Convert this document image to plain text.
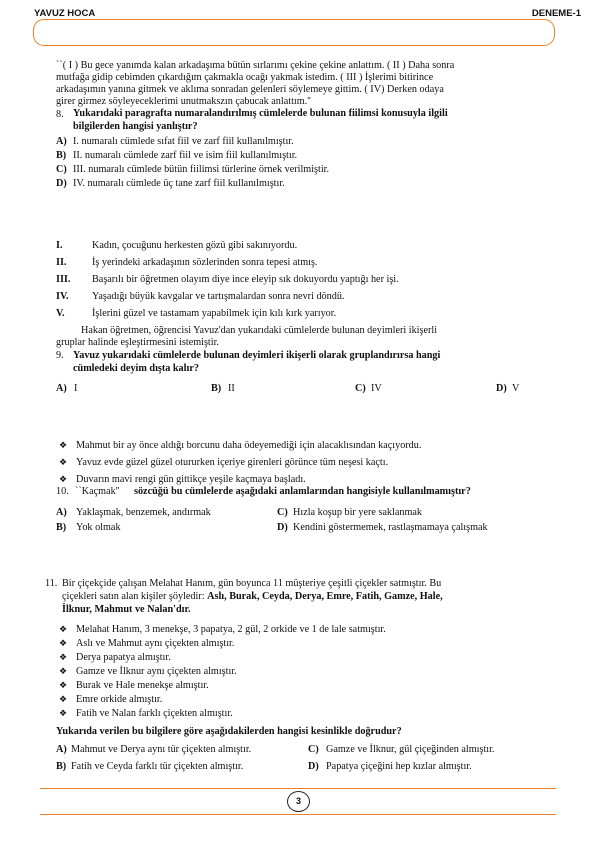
YAVUZ HOCA	DENEME-1
``( I ) Bu gece yanımda kalan arkadaşıma bütün sırlarımı çekine çekine anlattım. ( II ) Daha sonra
mutfağa gidip cebimden çıkardığım çakmakla ocağı yakmak istedim. ( III ) İşlerimi bitirince
arkadaşımın yanına gitmek ve aklıma sonradan gelenleri söylemeye gittim. ( IV) Derken odaya
girer girmez söyleyeceklerimi unutmakszın çabucak anlattım.''
8. Yukarıdaki paragrafta numaralandırılmış cümlelerde bulunan fiilimsi konusuyla ilgili
bilgilerden hangisi yanlıştır?
A) I. numaralı cümlede sıfat fiil ve zarf fiil kullanılmıştır.
B) II. numaralı cümlede zarf fiil ve isim fiil kullanılmıştır.
C) III. numaralı cümlede bütün fiilimsi türlerine örnek verilmiştir.
D) IV. numaralı cümlede üç tane zarf fiil kullanılmıştır.
I.	Kadın, çocuğunu herkesten gözü gibi sakınıyordu.
II.	İş yerindeki arkadaşının sözlerinden sonra tepesi atmış.
III. Başarılı bir öğretmen olayım diye ince eleyip sık dokuyordu yaptığı her işi.
IV. Yaşadığı büyük kavgalar ve tartışmalardan sonra nevri döndü.
V.	İşlerini güzel ve tastamam yapabilmek için kılı kırk yarıyor.
Hakan öğretmen, öğrencisi Yavuz'dan yukarıdaki cümlelerde bulunan deyimleri ikişerli
gruplar halinde eşleştirmesini istemiştir.
9. Yavuz yukarıdaki cümlelerde bulunan deyimleri ikişerli olarak gruplandırırsa hangi
cümledeki deyim dışta kalır?
A) I	B) II	C) IV	D) V
❖ Mahmut bir ay önce aldığı borcunu daha ödeyemediği için alacaklısından kaçıyordu.
❖ Yavuz evde güzel güzel otururken içeriye girenleri görünce tüm neşesi kaçtı.
❖ Duvarın mavi rengi gün gittikçe yeşile kaçmaya başladı.
10. ``Kaçmak'' sözcüğü bu cümlelerde aşağıdaki anlamlarından hangisiyle kullanılmamıştır?
A) Yaklaşmak, benzemek, andırmak	C) Hızla koşup bir yere saklanmak
B) Yok olmak	D) Kendini göstermemek, rastlaşmamaya çalışmak
11. Bir çiçekçide çalışan Melahat Hanım, gün boyunca 11 müşteriye çeşitli çiçekler satmıştır. Bu
çiçekleri satın alan kişiler şöyledir: Aslı, Burak, Ceyda, Derya, Emre, Fatih, Gamze, Hale,
İlknur, Mahmut ve Nalan'dır.
❖ Melahat Hanım, 3 menekşe, 3 papatya, 2 gül, 2 orkide ve 1 de lale satmıştır.
❖ Aslı ve Mahmut aynı çiçekten almıştır.
❖ Derya papatya almıştır.
❖ Gamze ve İlknur aynı çiçekten almıştır.
❖ Burak ve Hale menekşe almıştır.
❖ Emre orkide almıştır.
❖ Fatih ve Nalan farklı çiçekten almıştır.
Yukarıda verilen bu bilgilere göre aşağıdakilerden hangisi kesinlikle doğrudur?
A) Mahmut ve Derya aynı tür çiçekten almıştır.	C) Gamze ve İlknur, gül çiçeğinden almıştır.
B) Fatih ve Ceyda farklı tür çiçekten almıştır.	D) Papatya çiçeğini hep kızlar almıştır.
3
